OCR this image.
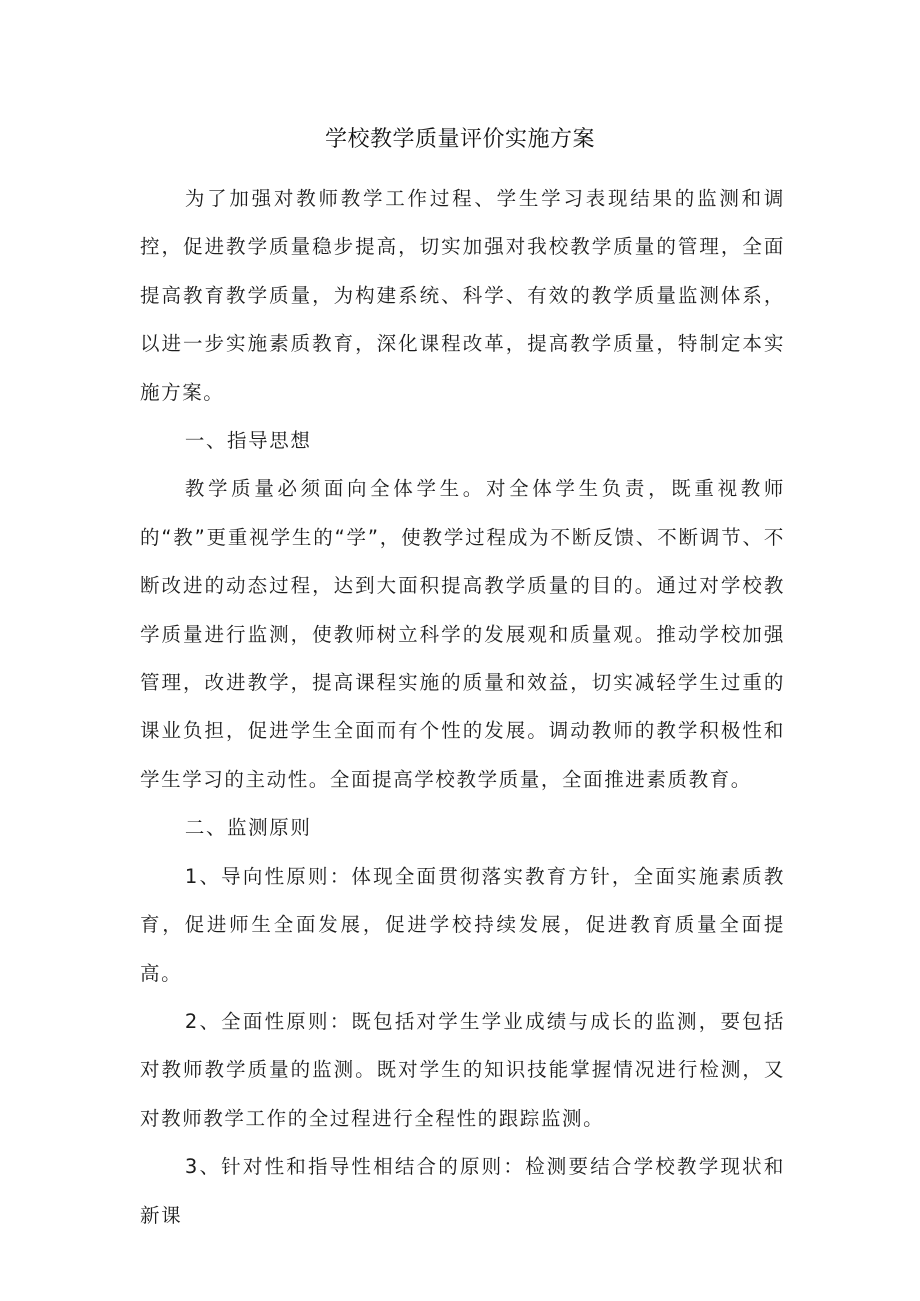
学校教学质量评价实施方案

为了加强对教师教学工作过程、学生学习表现结果的监测和调控，促进教学质量稳步提高，切实加强对我校教学质量的管理，全面提高教育教学质量，为构建系统、科学、有效的教学质量监测体系，以进一步实施素质教育，深化课程改革，提高教学质量，特制定本实施方案。

一、指导思想

教学质量必须面向全体学生。对全体学生负责，既重视教师的“教”更重视学生的“学”，使教学过程成为不断反馈、不断调节、不断改进的动态过程，达到大面积提高教学质量的目的。通过对学校教学质量进行监测，使教师树立科学的发展观和质量观。推动学校加强管理，改进教学，提高课程实施的质量和效益，切实减轻学生过重的课业负担，促进学生全面而有个性的发展。调动教师的教学积极性和学生学习的主动性。全面提高学校教学质量，全面推进素质教育。

二、监测原则

1、导向性原则：体现全面贯彻落实教育方针，全面实施素质教育，促进师生全面发展，促进学校持续发展，促进教育质量全面提高。

2、全面性原则：既包括对学生学业成绩与成长的监测，要包括对教师教学质量的监测。既对学生的知识技能掌握情况进行检测，又对教师教学工作的全过程进行全程性的跟踪监测。

3、针对性和指导性相结合的原则：检测要结合学校教学现状和新课
